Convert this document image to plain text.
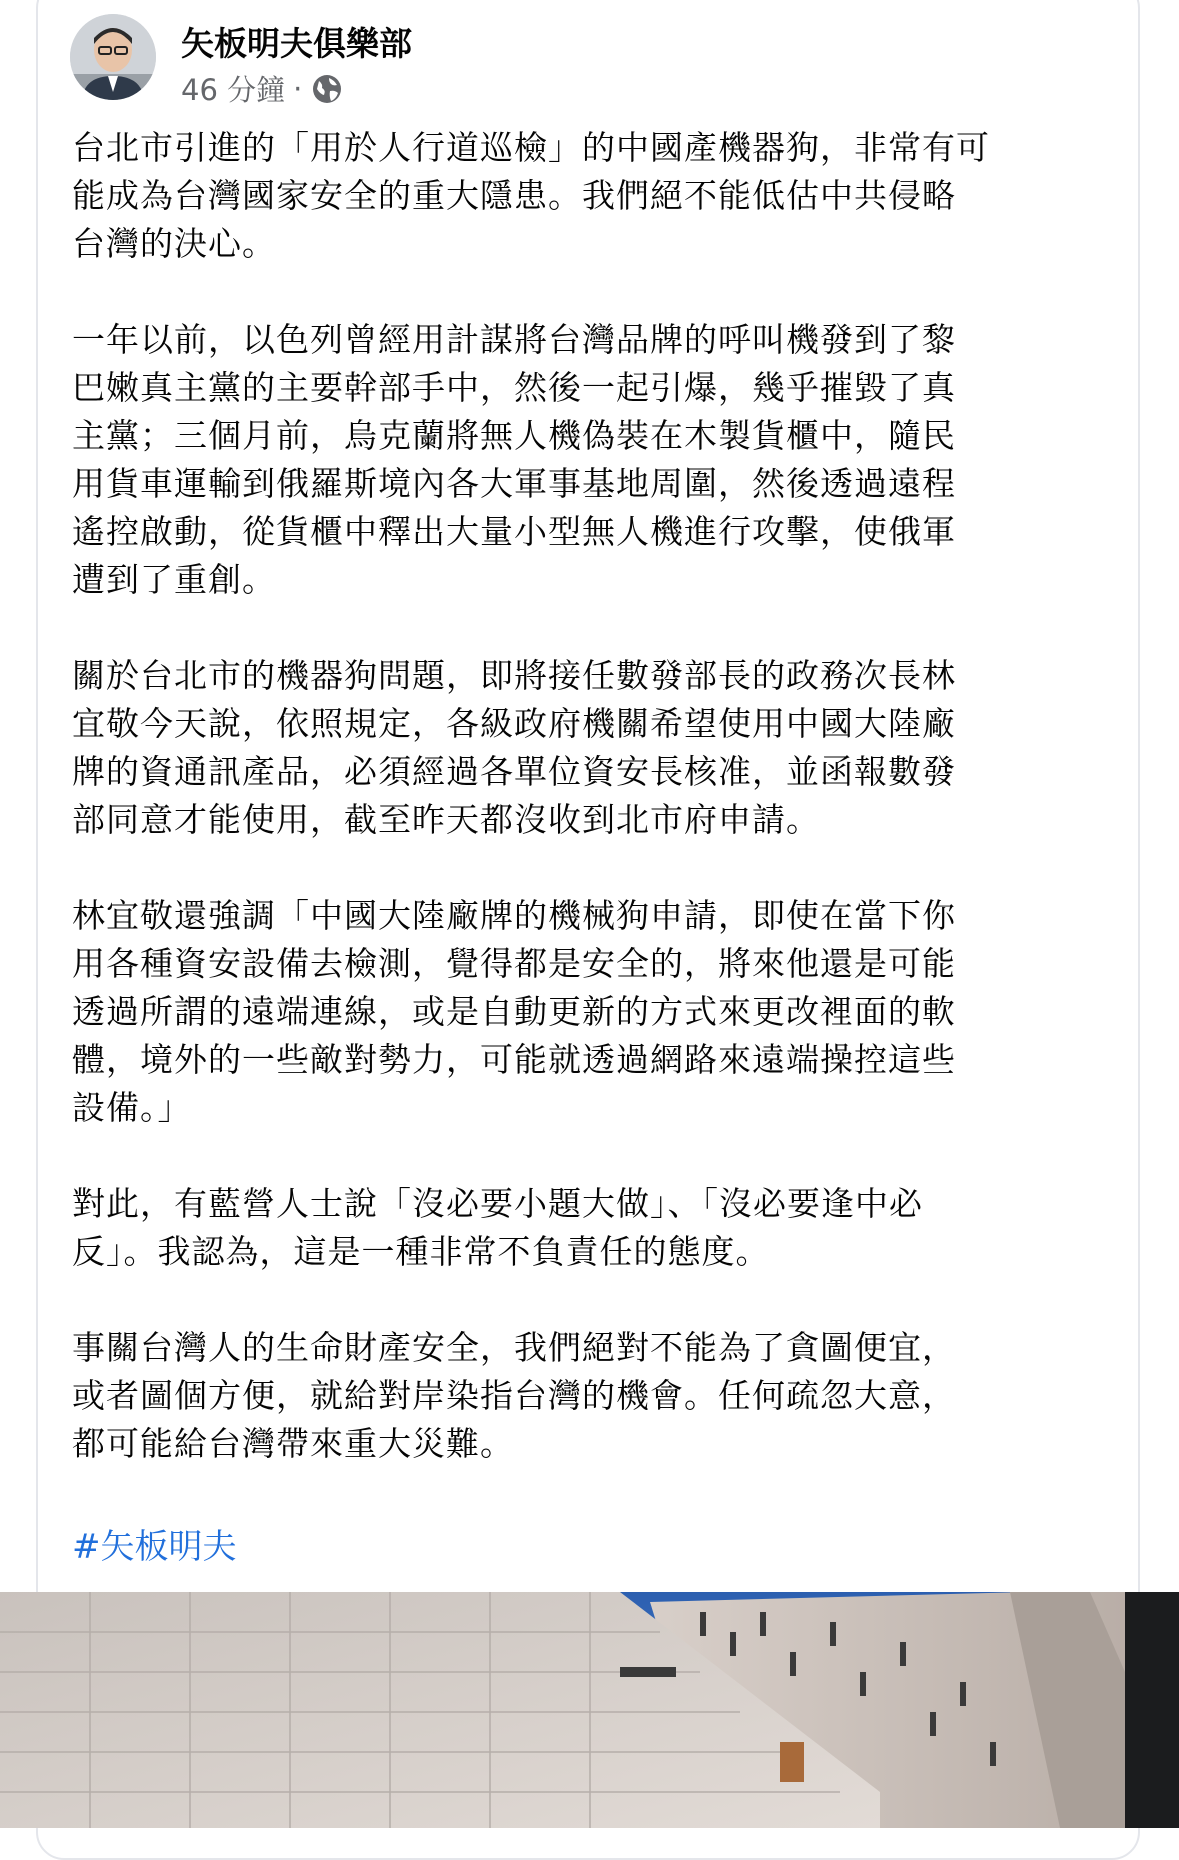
矢板明夫俱樂部
46 分鐘 ·

台北市引進的「用於人行道巡檢」的中國產機器狗，非常有可
能成為台灣國家安全的重大隱患。我們絕不能低估中共侵略
台灣的決心。

一年以前，以色列曾經用計謀將台灣品牌的呼叫機發到了黎
巴嫩真主黨的主要幹部手中，然後一起引爆，幾乎摧毀了真
主黨；三個月前，烏克蘭將無人機偽裝在木製貨櫃中，隨民
用貨車運輸到俄羅斯境內各大軍事基地周圍，然後透過遠程
遙控啟動，從貨櫃中釋出大量小型無人機進行攻擊，使俄軍
遭到了重創。

關於台北市的機器狗問題，即將接任數發部長的政務次長林
宜敬今天說，依照規定，各級政府機關希望使用中國大陸廠
牌的資通訊產品，必須經過各單位資安長核准，並函報數發
部同意才能使用，截至昨天都沒收到北市府申請。

林宜敬還強調「中國大陸廠牌的機械狗申請，即使在當下你
用各種資安設備去檢測，覺得都是安全的，將來他還是可能
透過所謂的遠端連線，或是自動更新的方式來更改裡面的軟
體，境外的一些敵對勢力，可能就透過網路來遠端操控這些
設備。」

對此，有藍營人士說「沒必要小題大做」、「沒必要逢中必
反」。我認為，這是一種非常不負責任的態度。

事關台灣人的生命財產安全，我們絕對不能為了貪圖便宜，
或者圖個方便，就給對岸染指台灣的機會。任何疏忽大意，
都可能給台灣帶來重大災難。

#矢板明夫
